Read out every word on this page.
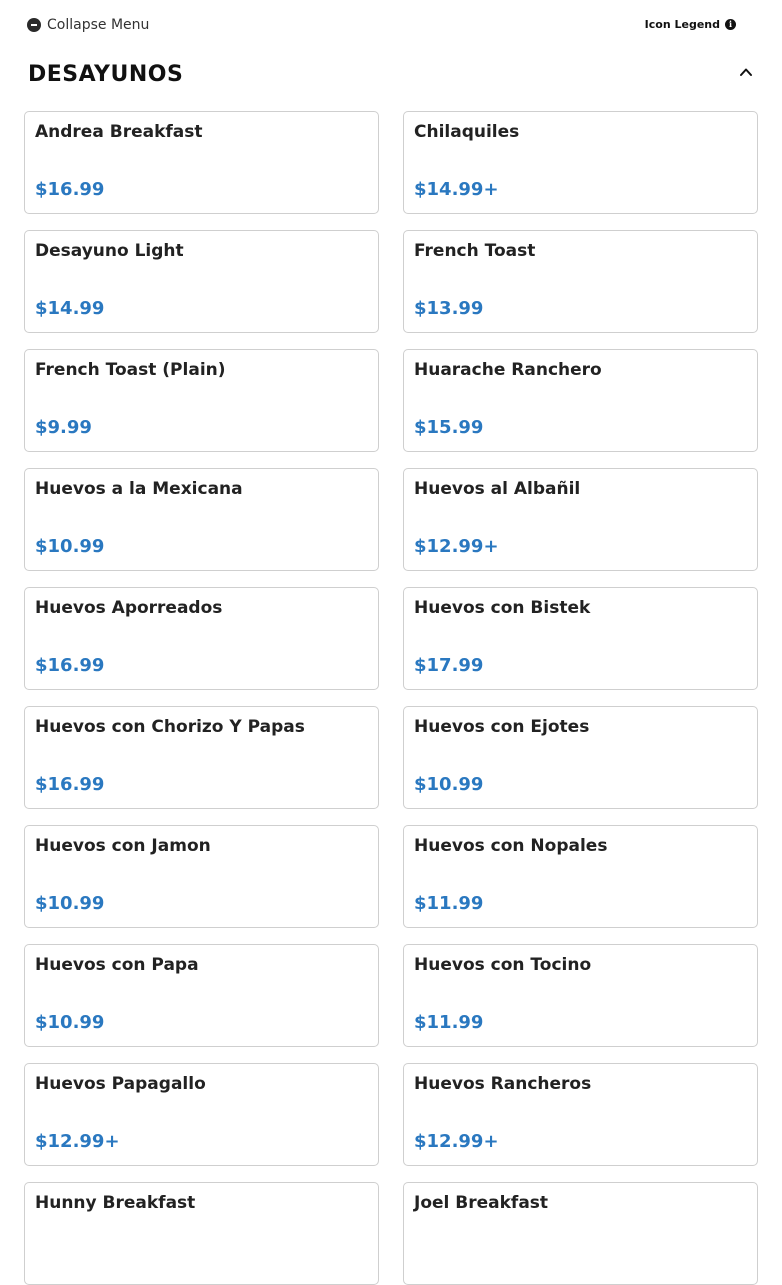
Collapse Menu	Icon Legend	i
DESAYUNOS
Andrea Breakfast
$16.99
Chilaquiles
$14.99+
Desayuno Light
$14.99
French Toast
$13.99
French Toast (Plain)
$9.99
Huarache Ranchero
$15.99
Huevos a la Mexicana
$10.99
Huevos al Albañil
$12.99+
Huevos Aporreados
$16.99
Huevos con Bistek
$17.99
Huevos con Chorizo Y Papas
$16.99
Huevos con Ejotes
$10.99
Huevos con Jamon
$10.99
Huevos con Nopales
$11.99
Huevos con Papa
$10.99
Huevos con Tocino
$11.99
Huevos Papagallo
$12.99+
Huevos Rancheros
$12.99+
Hunny Breakfast	Joel Breakfast
